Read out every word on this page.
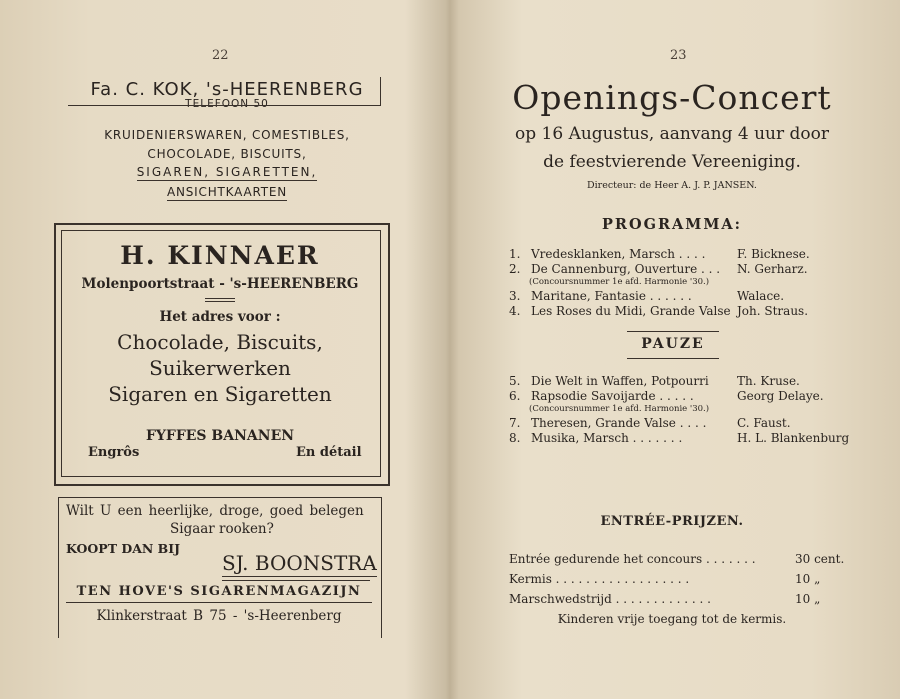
22
Fa. C. KOK, 's-HEERENBERG
TELEFOON 50
KRUIDENIERSWAREN, COMESTIBLES,
CHOCOLADE, BISCUITS,
SIGAREN, SIGARETTEN,
ANSICHTKAARTEN
H. KINNAER
Molenpoortstraat - 's-HEERENBERG
Het adres voor :
Chocolade, Biscuits,
Suikerwerken
Sigaren en Sigaretten
FYFFES BANANEN
Engrôs	En détail
Wilt U een heerlijke, droge, goed belegen
Sigaar rooken?
KOOPT DAN BIJ
SJ. BOONSTRA
TEN HOVE'S SIGARENMAGAZIJN
Klinkerstraat B 75 - 's-Heerenberg
23
Openings-Concert
op 16 Augustus, aanvang 4 uur door
de feestvierende Vereeniging.
Directeur: de Heer A. J. P. JANSEN.
PROGRAMMA:
1. Vredesklanken, Marsch . . . .	F. Bicknese.
2. De Cannenburg, Ouverture . . . N. Gerharz.
(Concoursnummer 1e afd. Harmonie '30.)
3. Maritane, Fantasie . . . . . .	Walace.
4. Les Roses du Midi, Grande Valse Joh. Straus.
PAUZE
5. Die Welt in Waffen, Potpourri Th. Kruse.
6. Rapsodie Savoijarde . . . . .	Georg Delaye.
(Concoursnummer 1e afd. Harmonie '30.)
7. Theresen, Grande Valse . . . .	C. Faust.
8. Musika, Marsch . . . . . . .	H. L. Blankenburg
ENTRÉE-PRIJZEN.
Entrée gedurende het concours . . . . . . .	30 cent.
Kermis . . . . . . . . . . . . . . . . . .	10 „
Marschwedstrijd . . . . . . . . . . . . .	10 „
Kinderen vrije toegang tot de kermis.
